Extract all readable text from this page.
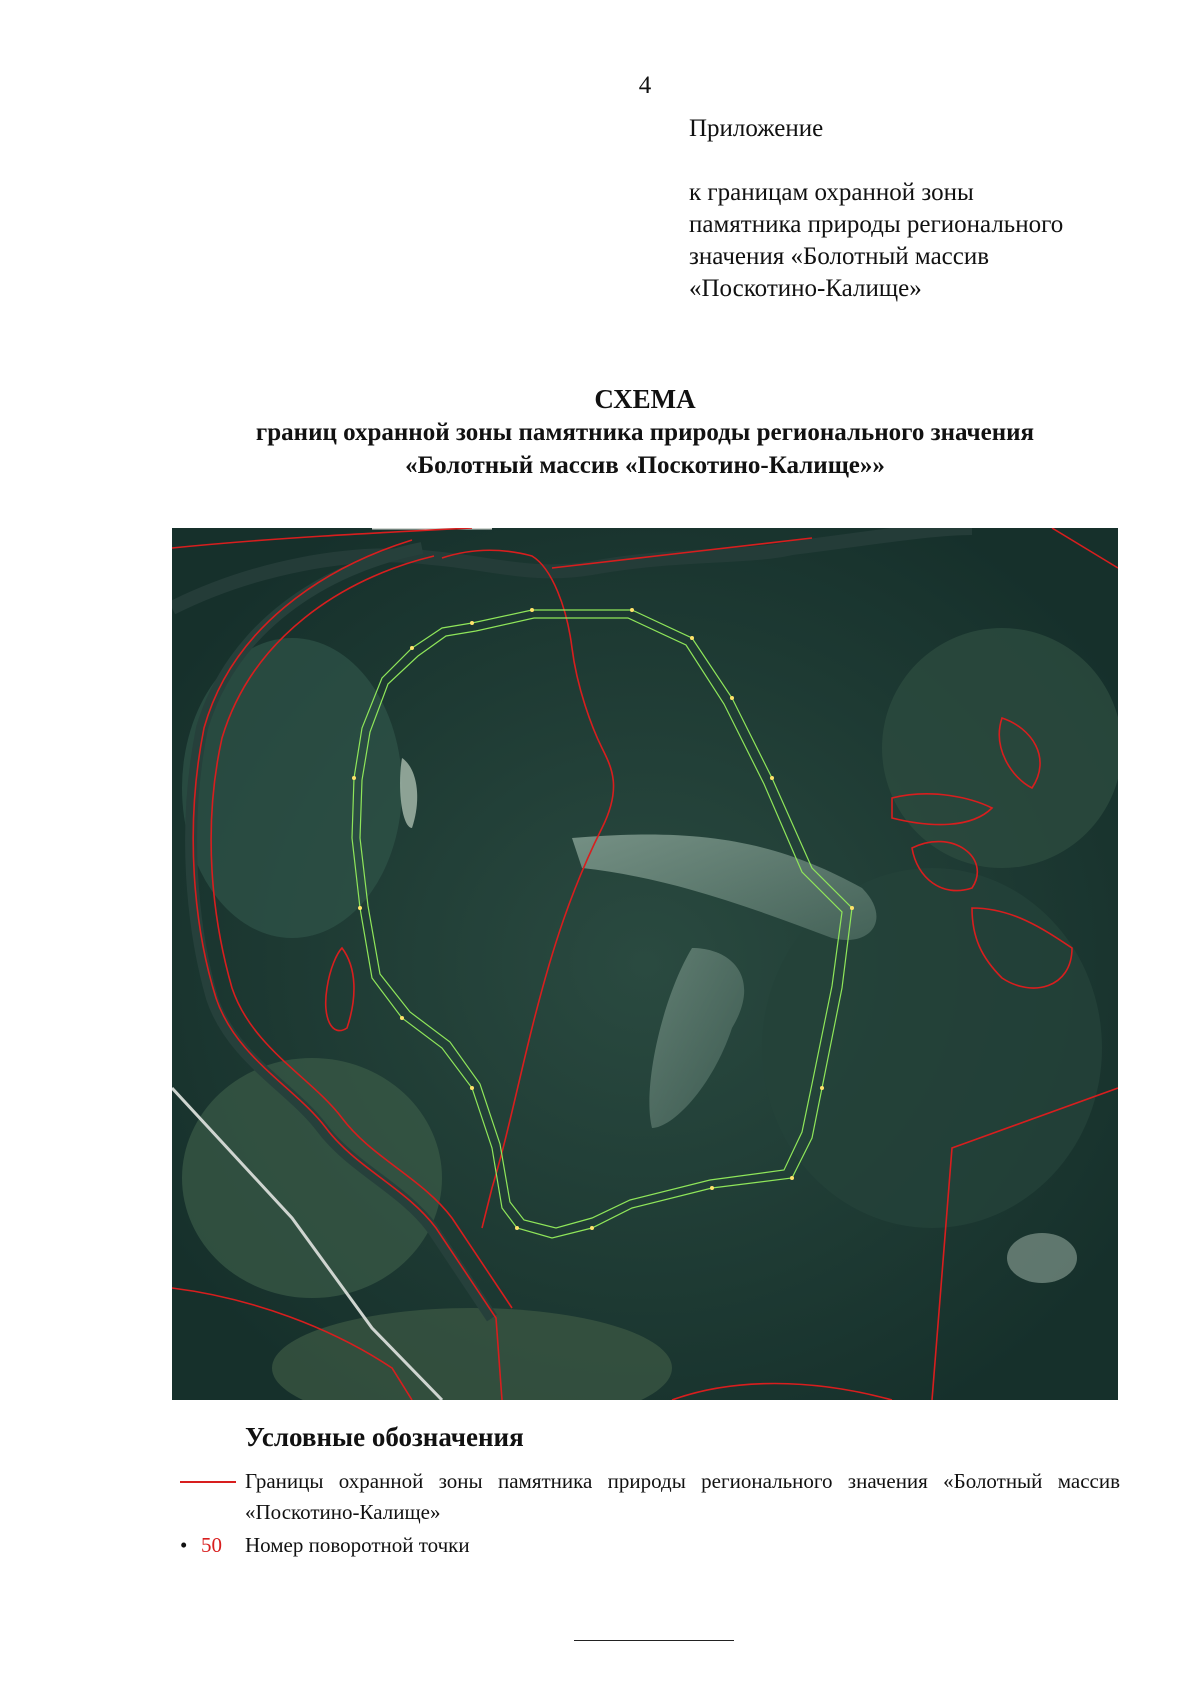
4
Приложение
к границам охранной зоны
памятника природы регионального
значения «Болотный массив
«Поскотино-Калище»
СХЕМА
границ охранной зоны памятника природы регионального значения
«Болотный массив «Поскотино-Калище»»
Условные обозначения
Границы охранной зоны памятника природы регионального значения «Болотный массив «Поскотино-Калище»
• 50 Номер поворотной точки
